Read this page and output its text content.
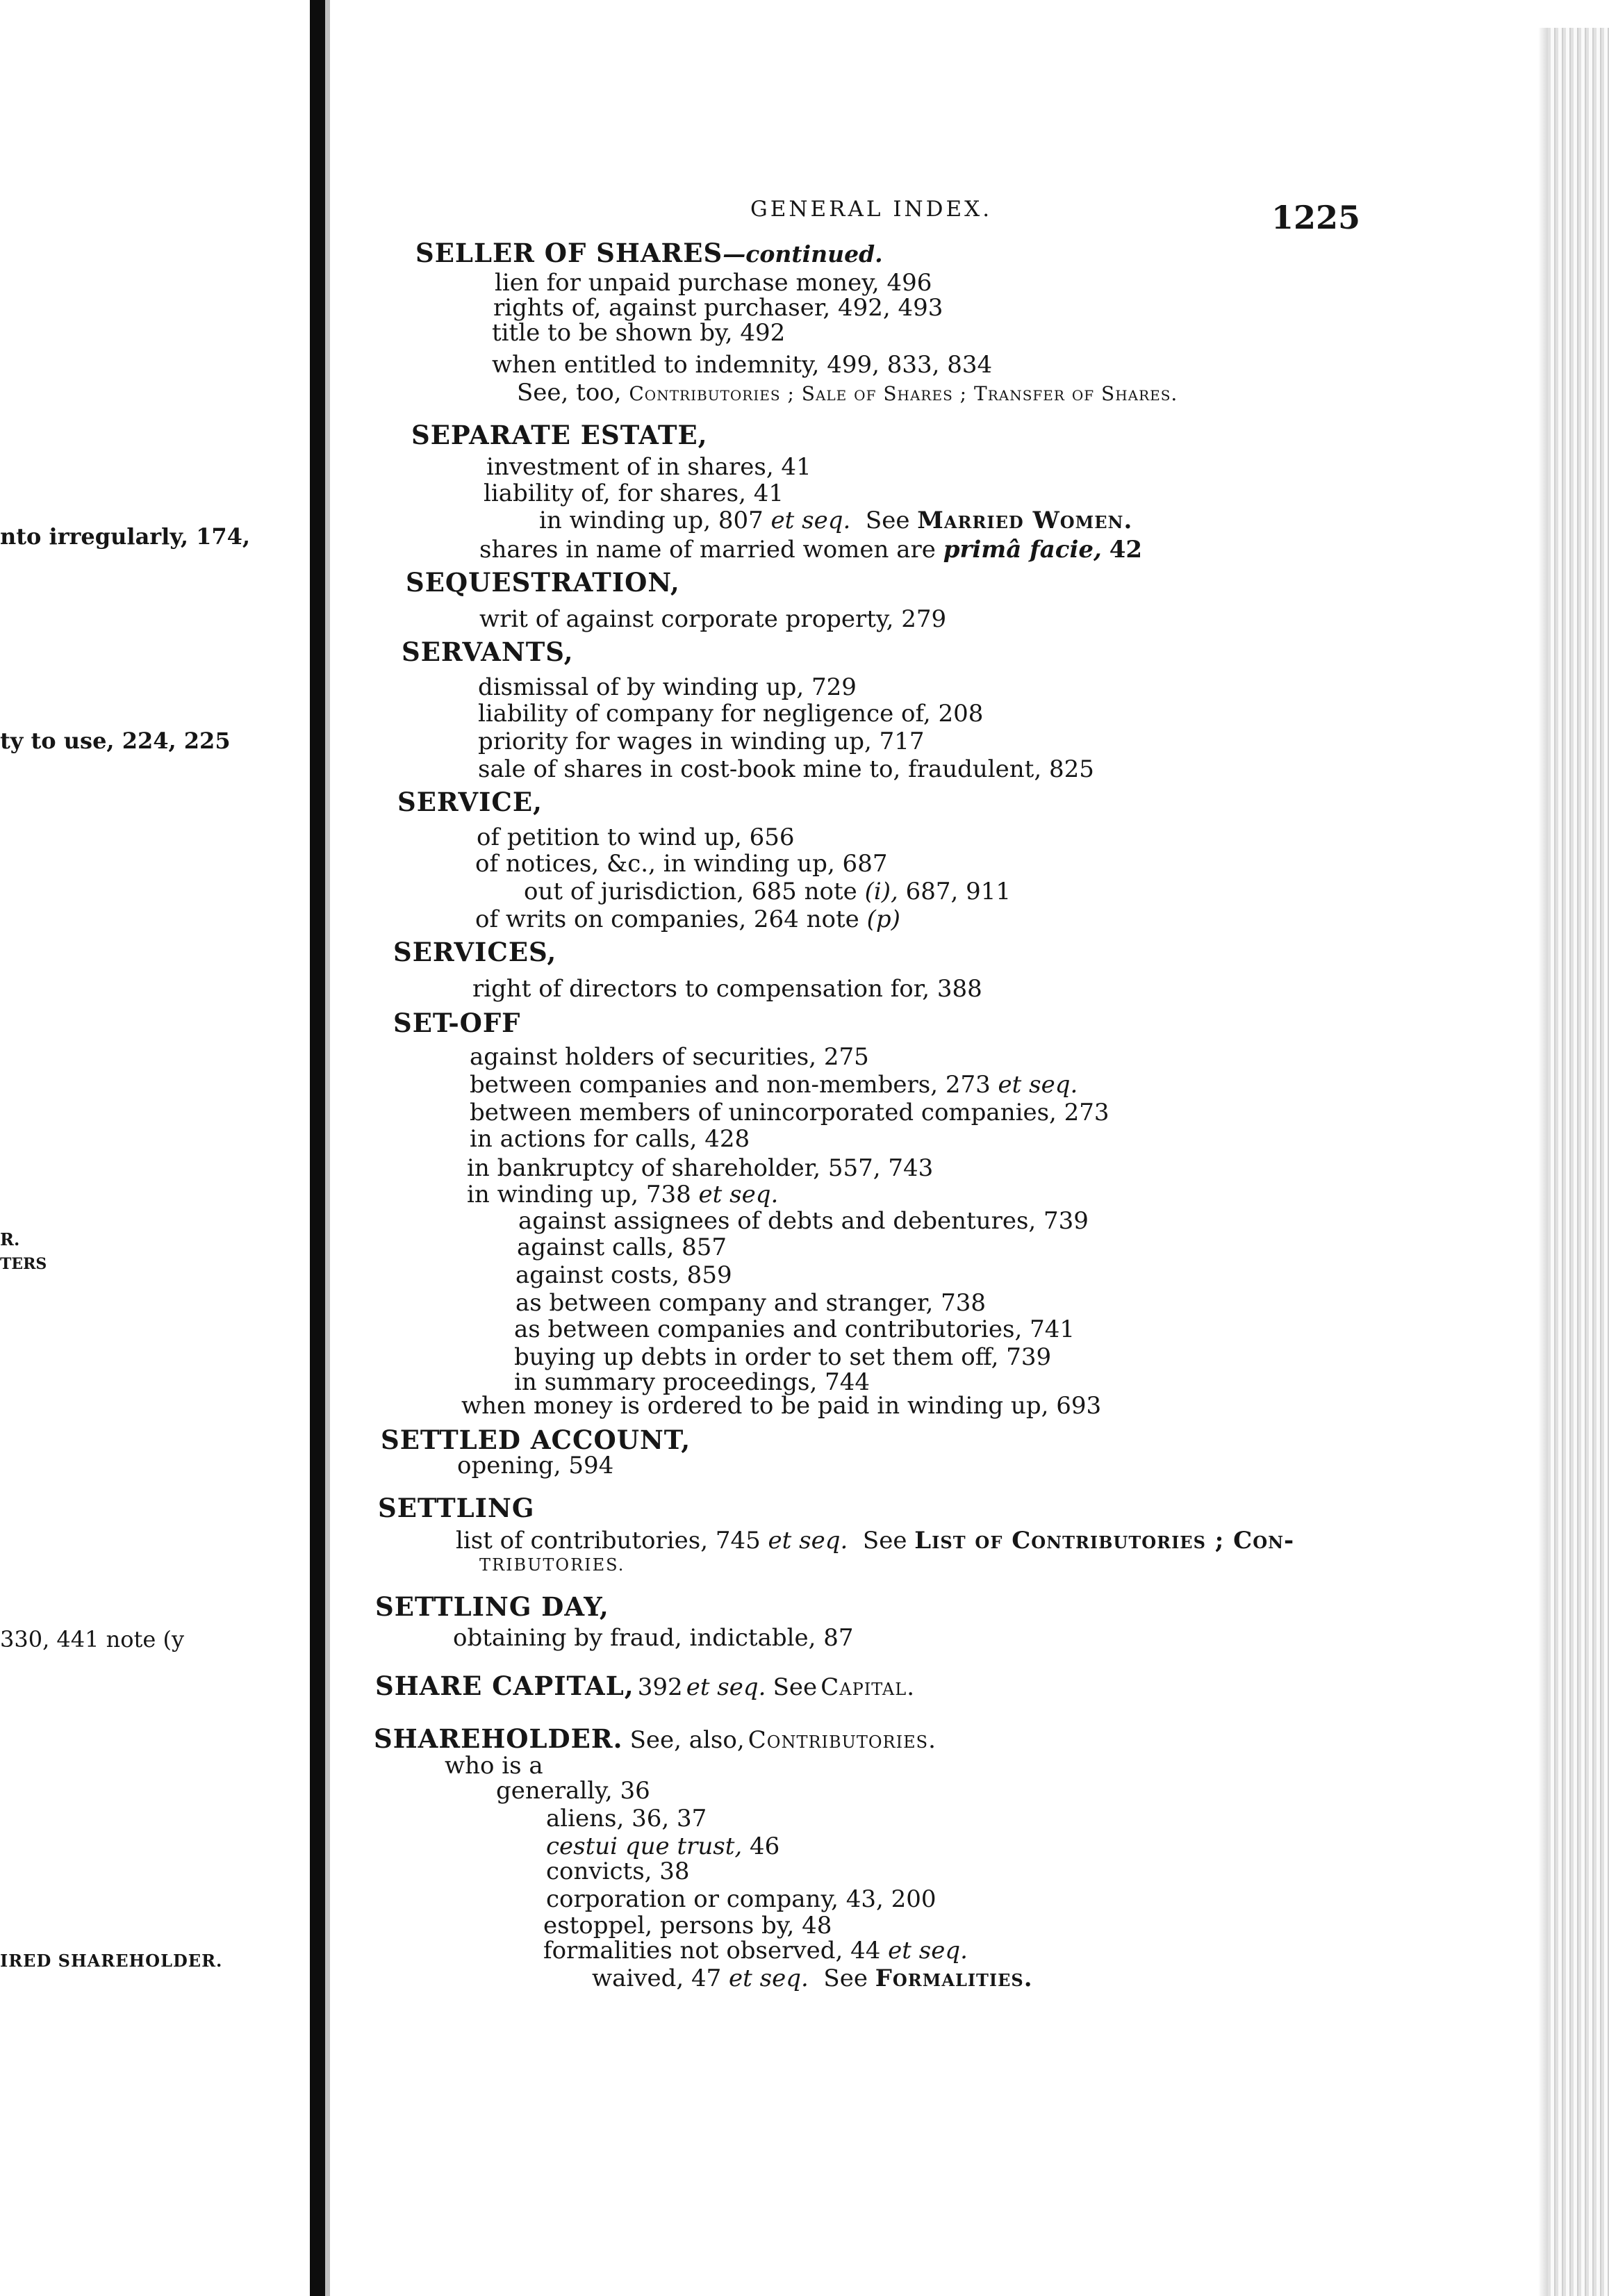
nto irregularly, 174,
ty to use, 224, 225
R.
TERS
330, 441 note (y
IRED SHAREHOLDER.
GENERAL INDEX.	1225
SELLER OF SHARES—continued.
lien for unpaid purchase money, 496
rights of, against purchaser, 492, 493
title to be shown by, 492
when entitled to indemnity, 499, 833, 834
See, too, Contributories ; Sale of Shares ; Transfer of Shares.
SEPARATE ESTATE,
investment of in shares, 41
liability of, for shares, 41
in winding up, 807 et seq. See Married Women.
shares in name of married women are primâ facie, 42
SEQUESTRATION,
writ of against corporate property, 279
SERVANTS,
dismissal of by winding up, 729
liability of company for negligence of, 208
priority for wages in winding up, 717
sale of shares in cost-book mine to, fraudulent, 825
SERVICE,
of petition to wind up, 656
of notices, &c., in winding up, 687
out of jurisdiction, 685 note (i), 687, 911
of writs on companies, 264 note (p)
SERVICES,
right of directors to compensation for, 388
SET-OFF
against holders of securities, 275
between companies and non-members, 273 et seq.
between members of unincorporated companies, 273
in actions for calls, 428
in bankruptcy of shareholder, 557, 743
in winding up, 738 et seq.
against assignees of debts and debentures, 739
against calls, 857
against costs, 859
as between company and stranger, 738
as between companies and contributories, 741
buying up debts in order to set them off, 739
in summary proceedings, 744
when money is ordered to be paid in winding up, 693
SETTLED ACCOUNT,
opening, 594
SETTLING
list of contributories, 745 et seq. See List of Contributories ; Con-
TRIBUTORIES.
SETTLING DAY,
obtaining by fraud, indictable, 87
SHARE CAPITAL, 392 et seq. See Capital.
SHAREHOLDER. See, also, Contributories.
who is a
generally, 36
aliens, 36, 37
cestui que trust, 46
convicts, 38
corporation or company, 43, 200
estoppel, persons by, 48
formalities not observed, 44 et seq.
waived, 47 et seq. See Formalities.
